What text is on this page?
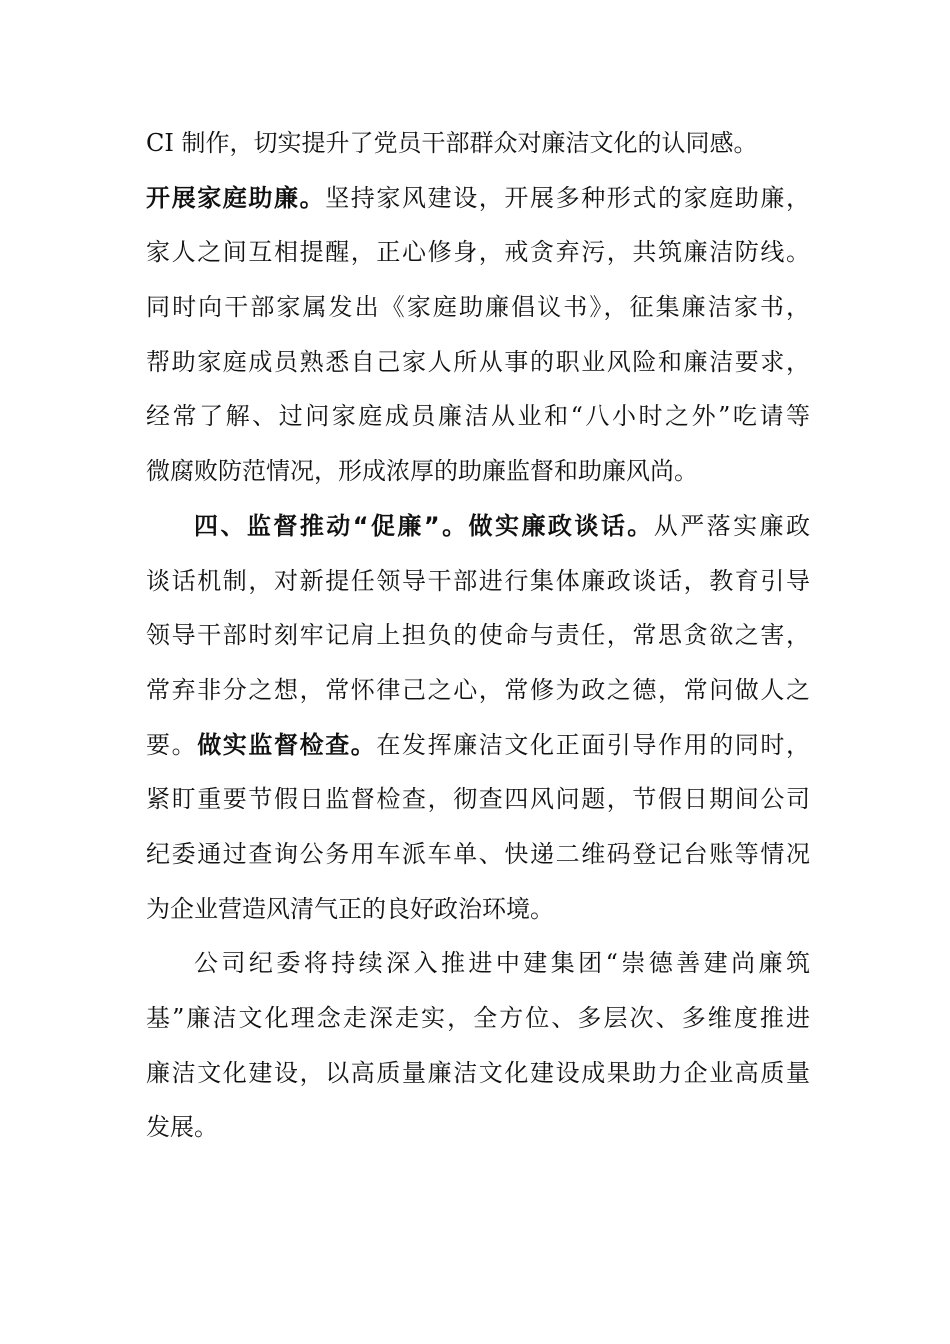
CI 制作，切实提升了党员干部群众对廉洁文化的认同感。
开展家庭助廉。坚持家风建设，开展多种形式的家庭助廉，
家人之间互相提醒，正心修身，戒贪弃污，共筑廉洁防线。
同时向干部家属发出《家庭助廉倡议书》，征集廉洁家书，
帮助家庭成员熟悉自己家人所从事的职业风险和廉洁要求，
经常了解、过问家庭成员廉洁从业和“八小时之外”吃请等
微腐败防范情况，形成浓厚的助廉监督和助廉风尚。
四、监督推动“促廉”。做实廉政谈话。从严落实廉政
谈话机制，对新提任领导干部进行集体廉政谈话，教育引导
领导干部时刻牢记肩上担负的使命与责任，常思贪欲之害，
常弃非分之想，常怀律己之心，常修为政之德，常问做人之
要。做实监督检查。在发挥廉洁文化正面引导作用的同时，
紧盯重要节假日监督检查，彻查四风问题，节假日期间公司
纪委通过查询公务用车派车单、快递二维码登记台账等情况
为企业营造风清气正的良好政治环境。
公司纪委将持续深入推进中建集团“崇德善建尚廉筑
基”廉洁文化理念走深走实，全方位、多层次、多维度推进
廉洁文化建设，以高质量廉洁文化建设成果助力企业高质量
发展。
